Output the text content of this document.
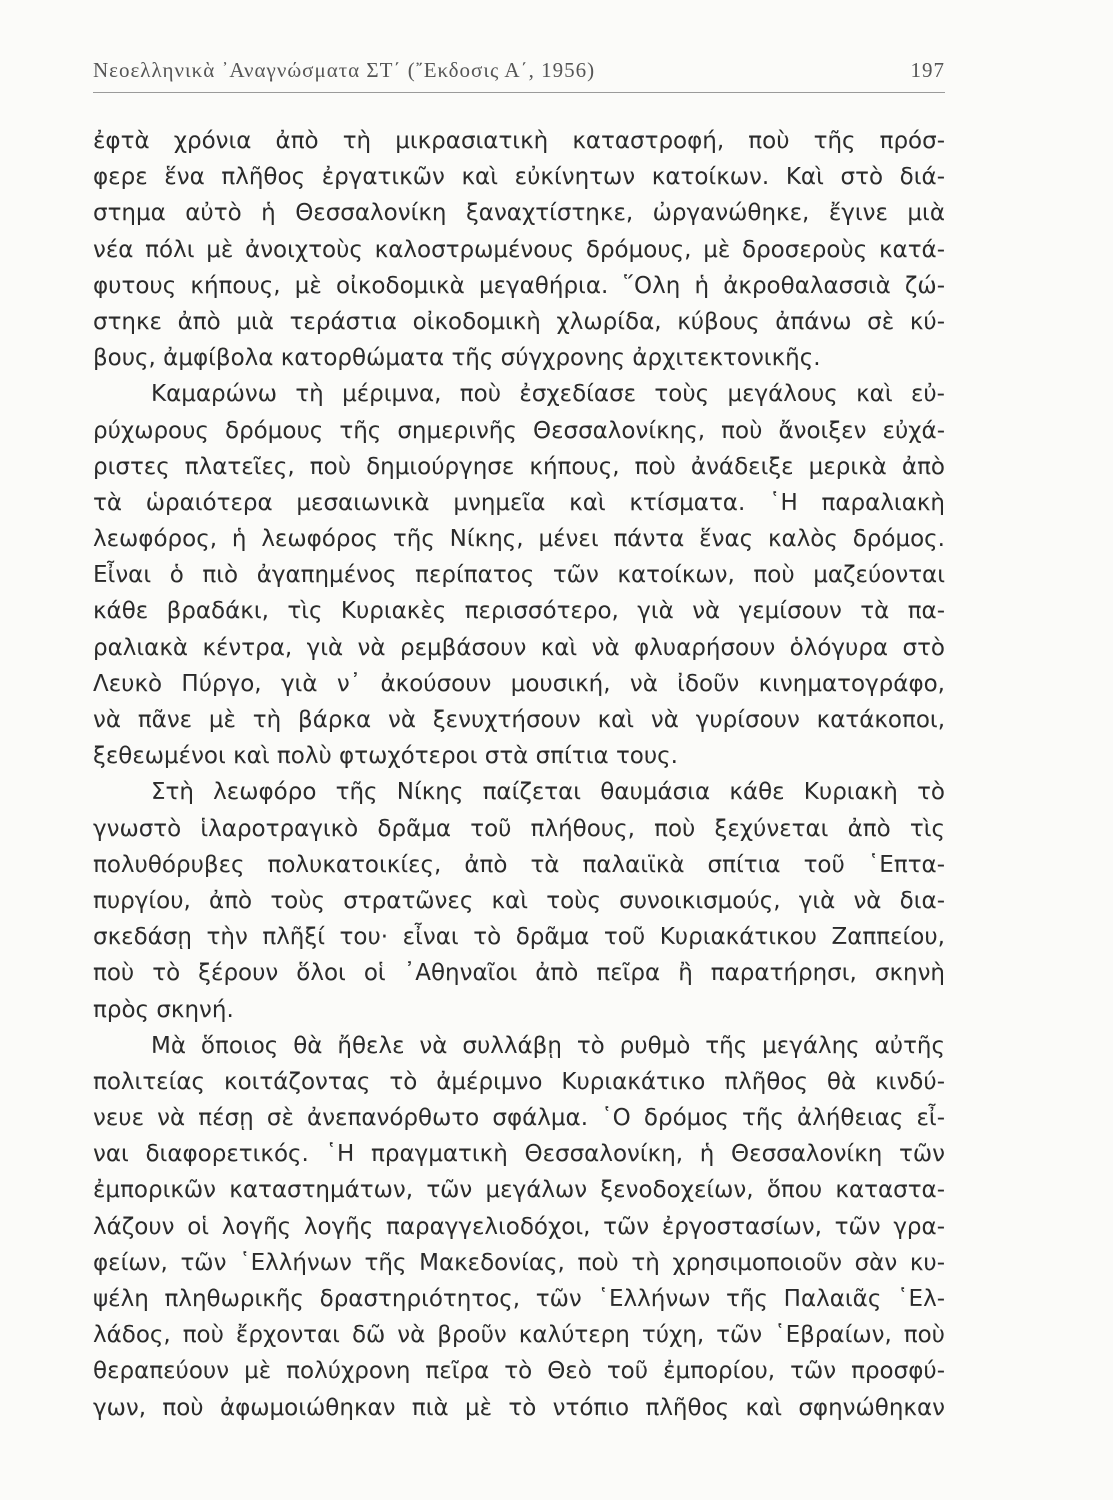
Νεοελληνικὰ ᾿Αναγνώσματα ΣΤ΄ (῎Εκδοσις Α΄, 1956)	197
ἐφτὰ χρόνια ἀπὸ τὴ μικρασιατικὴ καταστροφή, ποὺ τῆς πρόσ-
φερε ἕνα πλῆθος ἐργατικῶν καὶ εὐκίνητων κατοίκων. Καὶ στὸ διά-
στημα αὐτὸ ἡ Θεσσαλονίκη ξαναχτίστηκε, ὠργανώθηκε, ἔγινε μιὰ
νέα πόλι μὲ ἀνοιχτοὺς καλοστρωμένους δρόμους, μὲ δροσεροὺς κατά-
φυτους κήπους, μὲ οἰκοδομικὰ μεγαθήρια. ῞Ολη ἡ ἀκροθαλασσιὰ ζώ-
στηκε ἀπὸ μιὰ τεράστια οἰκοδομικὴ χλωρίδα, κύβους ἀπάνω σὲ κύ-
βους, ἀμφίβολα κατορθώματα τῆς σύγχρονης ἀρχιτεκτονικῆς.
Καμαρώνω τὴ μέριμνα, ποὺ ἐσχεδίασε τοὺς μεγάλους καὶ εὐ-
ρύχωρους δρόμους τῆς σημερινῆς Θεσσαλονίκης, ποὺ ἄνοιξεν εὐχά-
ριστες πλατεῖες, ποὺ δημιούργησε κήπους, ποὺ ἀνάδειξε μερικὰ ἀπὸ
τὰ ὡραιότερα μεσαιωνικὰ μνημεῖα καὶ κτίσματα. ῾Η παραλιακὴ
λεωφόρος, ἡ λεωφόρος τῆς Νίκης, μένει πάντα ἕνας καλὸς δρόμος.
Εἶναι ὁ πιὸ ἀγαπημένος περίπατος τῶν κατοίκων, ποὺ μαζεύονται
κάθε βραδάκι, τὶς Κυριακὲς περισσότερο, γιὰ νὰ γεμίσουν τὰ πα-
ραλιακὰ κέντρα, γιὰ νὰ ρεμβάσουν καὶ νὰ φλυαρήσουν ὁλόγυρα στὸ
Λευκὸ Πύργο, γιὰ ν᾿ ἀκούσουν μουσική, νὰ ἰδοῦν κινηματογράφο,
νὰ πᾶνε μὲ τὴ βάρκα νὰ ξενυχτήσουν καὶ νὰ γυρίσουν κατάκοποι,
ξεθεωμένοι καὶ πολὺ φτωχότεροι στὰ σπίτια τους.
Στὴ λεωφόρο τῆς Νίκης παίζεται θαυμάσια κάθε Κυριακὴ τὸ
γνωστὸ ἱλαροτραγικὸ δρᾶμα τοῦ πλήθους, ποὺ ξεχύνεται ἀπὸ τὶς
πολυθόρυβες πολυκατοικίες, ἀπὸ τὰ παλαιϊκὰ σπίτια τοῦ ῾Επτα-
πυργίου, ἀπὸ τοὺς στρατῶνες καὶ τοὺς συνοικισμούς, γιὰ νὰ δια-
σκεδάσῃ τὴν πλῆξί του· εἶναι τὸ δρᾶμα τοῦ Κυριακάτικου Ζαππείου,
ποὺ τὸ ξέρουν ὅλοι οἱ ᾿Αθηναῖοι ἀπὸ πεῖρα ἢ παρατήρησι, σκηνὴ
πρὸς σκηνή.
Μὰ ὅποιος θὰ ἤθελε νὰ συλλάβῃ τὸ ρυθμὸ τῆς μεγάλης αὐτῆς
πολιτείας κοιτάζοντας τὸ ἀμέριμνο Κυριακάτικο πλῆθος θὰ κινδύ-
νευε νὰ πέσῃ σὲ ἀνεπανόρθωτο σφάλμα. ῾Ο δρόμος τῆς ἀλήθειας εἶ-
ναι διαφορετικός. ῾Η πραγματικὴ Θεσσαλονίκη, ἡ Θεσσαλονίκη τῶν
ἐμπορικῶν καταστημάτων, τῶν μεγάλων ξενοδοχείων, ὅπου καταστα-
λάζουν οἱ λογῆς λογῆς παραγγελιοδόχοι, τῶν ἐργοστασίων, τῶν γρα-
φείων, τῶν ῾Ελλήνων τῆς Μακεδονίας, ποὺ τὴ χρησιμοποιοῦν σὰν κυ-
ψέλη πληθωρικῆς δραστηριότητος, τῶν ῾Ελλήνων τῆς Παλαιᾶς ῾Ελ-
λάδος, ποὺ ἔρχονται δῶ νὰ βροῦν καλύτερη τύχη, τῶν ῾Εβραίων, ποὺ
θεραπεύουν μὲ πολύχρονη πεῖρα τὸ Θεὸ τοῦ ἐμπορίου, τῶν προσφύ-
γων, ποὺ ἀφωμοιώθηκαν πιὰ μὲ τὸ ντόπιο πλῆθος καὶ σφηνώθηκαν
